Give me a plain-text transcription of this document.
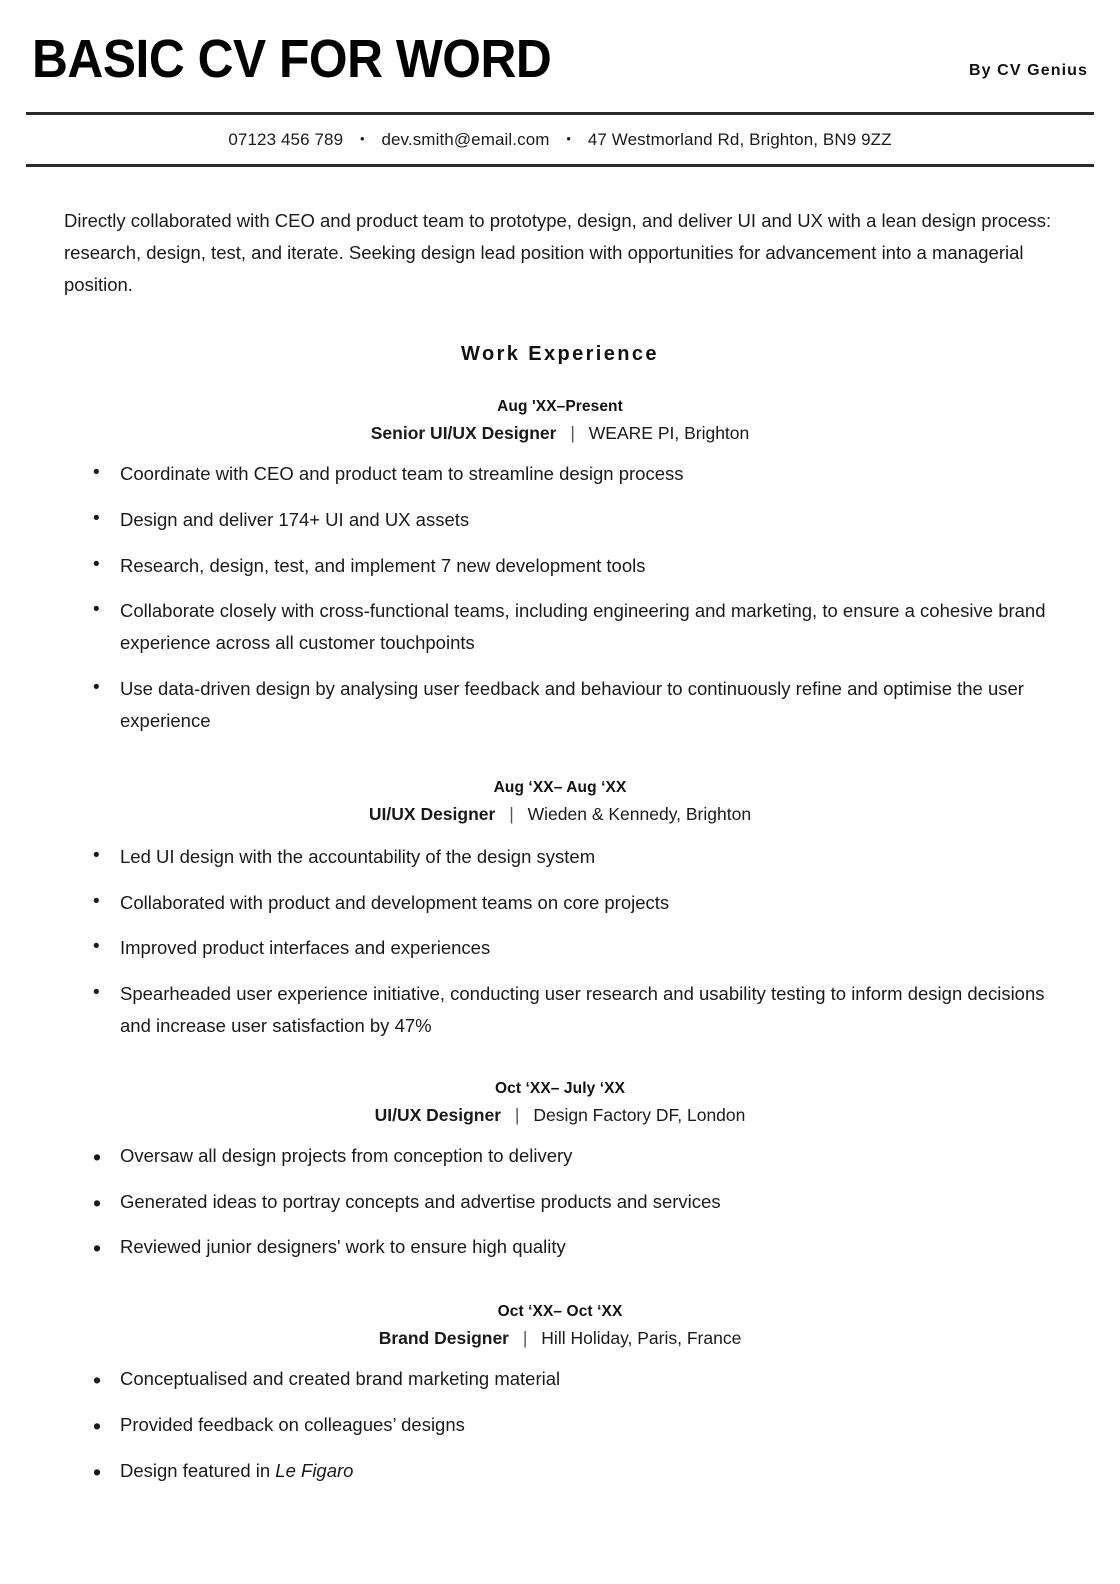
BASIC CV FOR WORD	By CV Genius
07123 456 789 • dev.smith@email.com • 47 Westmorland Rd, Brighton, BN9 9ZZ

Directly collaborated with CEO and product team to prototype, design, and deliver UI and UX with a lean design process: research, design, test, and iterate. Seeking design lead position with opportunities for advancement into a managerial position.

Work Experience
Aug 'XX–Present
Senior UI/UX Designer | WEARE PI, Brighton
• Coordinate with CEO and product team to streamline design process
• Design and deliver 174+ UI and UX assets
• Research, design, test, and implement 7 new development tools
• Collaborate closely with cross-functional teams, including engineering and marketing, to ensure a cohesive brand experience across all customer touchpoints
• Use data-driven design by analysing user feedback and behaviour to continuously refine and optimise the user experience
Aug ‘XX– Aug ‘XX
UI/UX Designer | Wieden & Kennedy, Brighton
• Led UI design with the accountability of the design system
• Collaborated with product and development teams on core projects
• Improved product interfaces and experiences
• Spearheaded user experience initiative, conducting user research and usability testing to inform design decisions and increase user satisfaction by 47%
Oct ‘XX– July ‘XX
UI/UX Designer | Design Factory DF, London
• Oversaw all design projects from conception to delivery
• Generated ideas to portray concepts and advertise products and services
• Reviewed junior designers' work to ensure high quality
Oct ‘XX– Oct ‘XX
Brand Designer | Hill Holiday, Paris, France
• Conceptualised and created brand marketing material
• Provided feedback on colleagues’ designs
• Design featured in Le Figaro
